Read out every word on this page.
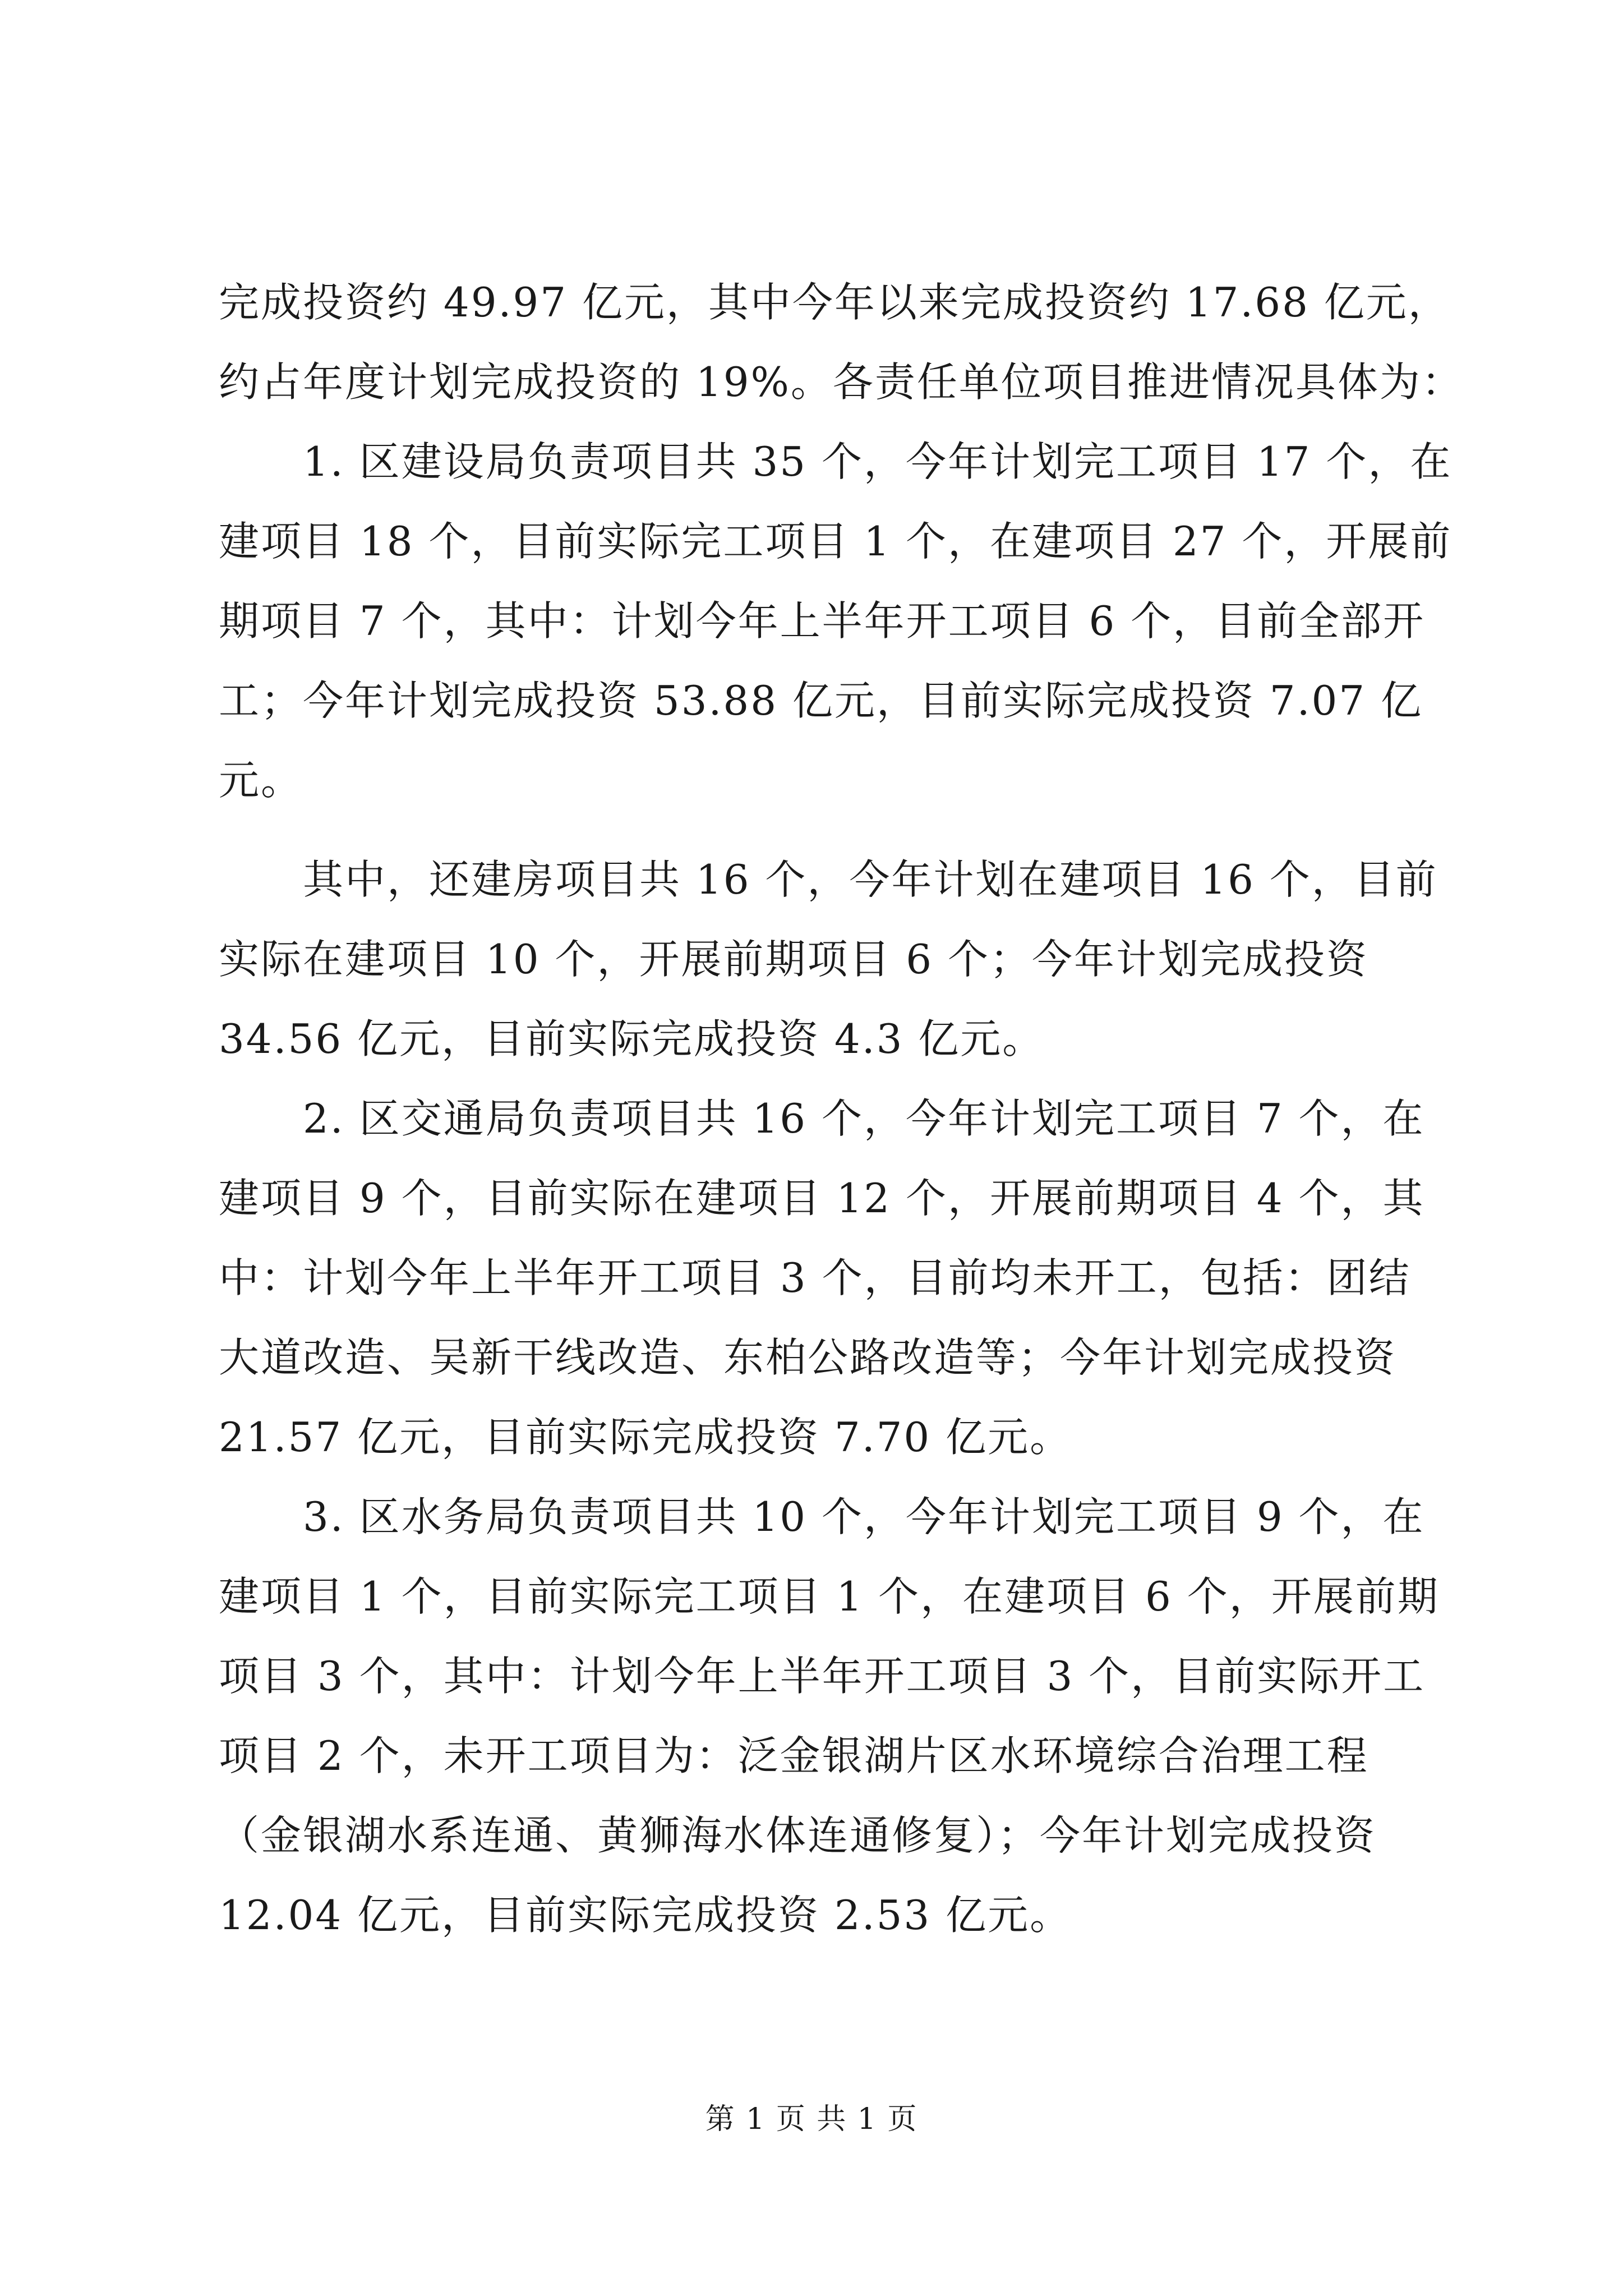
完成投资约 49.97 亿元，其中今年以来完成投资约 17.68 亿元，
约占年度计划完成投资的 19%。各责任单位项目推进情况具体为：
　　1. 区建设局负责项目共 35 个，今年计划完工项目 17 个，在
建项目 18 个，目前实际完工项目 1 个，在建项目 27 个，开展前
期项目 7 个，其中：计划今年上半年开工项目 6 个，目前全部开
工；今年计划完成投资 53.88 亿元，目前实际完成投资 7.07 亿
元。
　　其中，还建房项目共 16 个，今年计划在建项目 16 个，目前
实际在建项目 10 个，开展前期项目 6 个；今年计划完成投资
34.56 亿元，目前实际完成投资 4.3 亿元。
　　2. 区交通局负责项目共 16 个，今年计划完工项目 7 个，在
建项目 9 个，目前实际在建项目 12 个，开展前期项目 4 个，其
中：计划今年上半年开工项目 3 个，目前均未开工，包括：团结
大道改造、吴新干线改造、东柏公路改造等；今年计划完成投资
21.57 亿元，目前实际完成投资 7.70 亿元。
　　3. 区水务局负责项目共 10 个，今年计划完工项目 9 个，在
建项目 1 个，目前实际完工项目 1 个，在建项目 6 个，开展前期
项目 3 个，其中：计划今年上半年开工项目 3 个，目前实际开工
项目 2 个，未开工项目为：泛金银湖片区水环境综合治理工程
（金银湖水系连通、黄狮海水体连通修复）；今年计划完成投资
12.04 亿元，目前实际完成投资 2.53 亿元。
第 1 页 共 1 页
